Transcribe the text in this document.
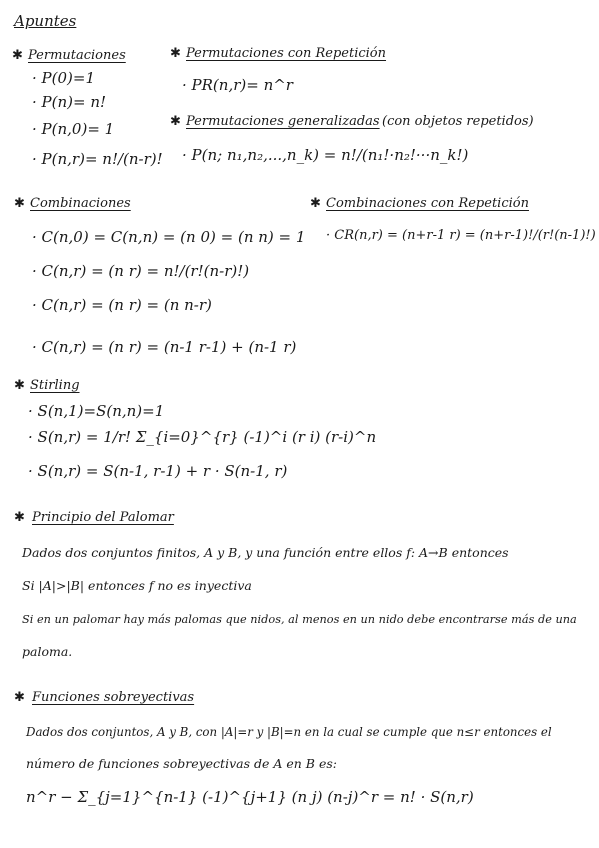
Apuntes
✱ Permutaciones
· P(0)=1
· P(n)= n!
· P(n,0)= 1
· P(n,r)= n!/(n-r)!
✱ Permutaciones con Repetición
· PR(n,r)= n^r
✱ Permutaciones generalizadas (con objetos repetidos)
· P(n; n₁,n₂,...,n_k) = n!/(n₁!·n₂!···n_k!)
✱ Combinaciones
· C(n,0) = C(n,n) = (n 0) = (n n) = 1
· C(n,r) = (n r) = n!/(r!(n-r)!)
· C(n,r) = (n r) = (n n-r)
· C(n,r) = (n r) = (n-1 r-1) + (n-1 r)
✱ Combinaciones con Repetición
· CR(n,r) = (n+r-1 r) = (n+r-1)!/(r!(n-1)!)
✱ Stirling
· S(n,1)=S(n,n)=1
· S(n,r) = 1/r! Σ_{i=0}^{r} (-1)^i (r i) (r-i)^n
· S(n,r) = S(n-1, r-1) + r · S(n-1, r)
✱ Principio del Palomar
Dados dos conjuntos finitos, A y B, y una función entre ellos f: A→B entonces
Si |A|>|B| entonces f no es inyectiva
Si en un palomar hay más palomas que nidos, al menos en un nido debe encontrarse más de una
paloma.
✱ Funciones sobreyectivas
Dados dos conjuntos, A y B, con |A|=r y |B|=n en la cual se cumple que n≤r entonces el
número de funciones sobreyectivas de A en B es:
n^r − Σ_{j=1}^{n-1} (-1)^{j+1} (n j) (n-j)^r = n! · S(n,r)
